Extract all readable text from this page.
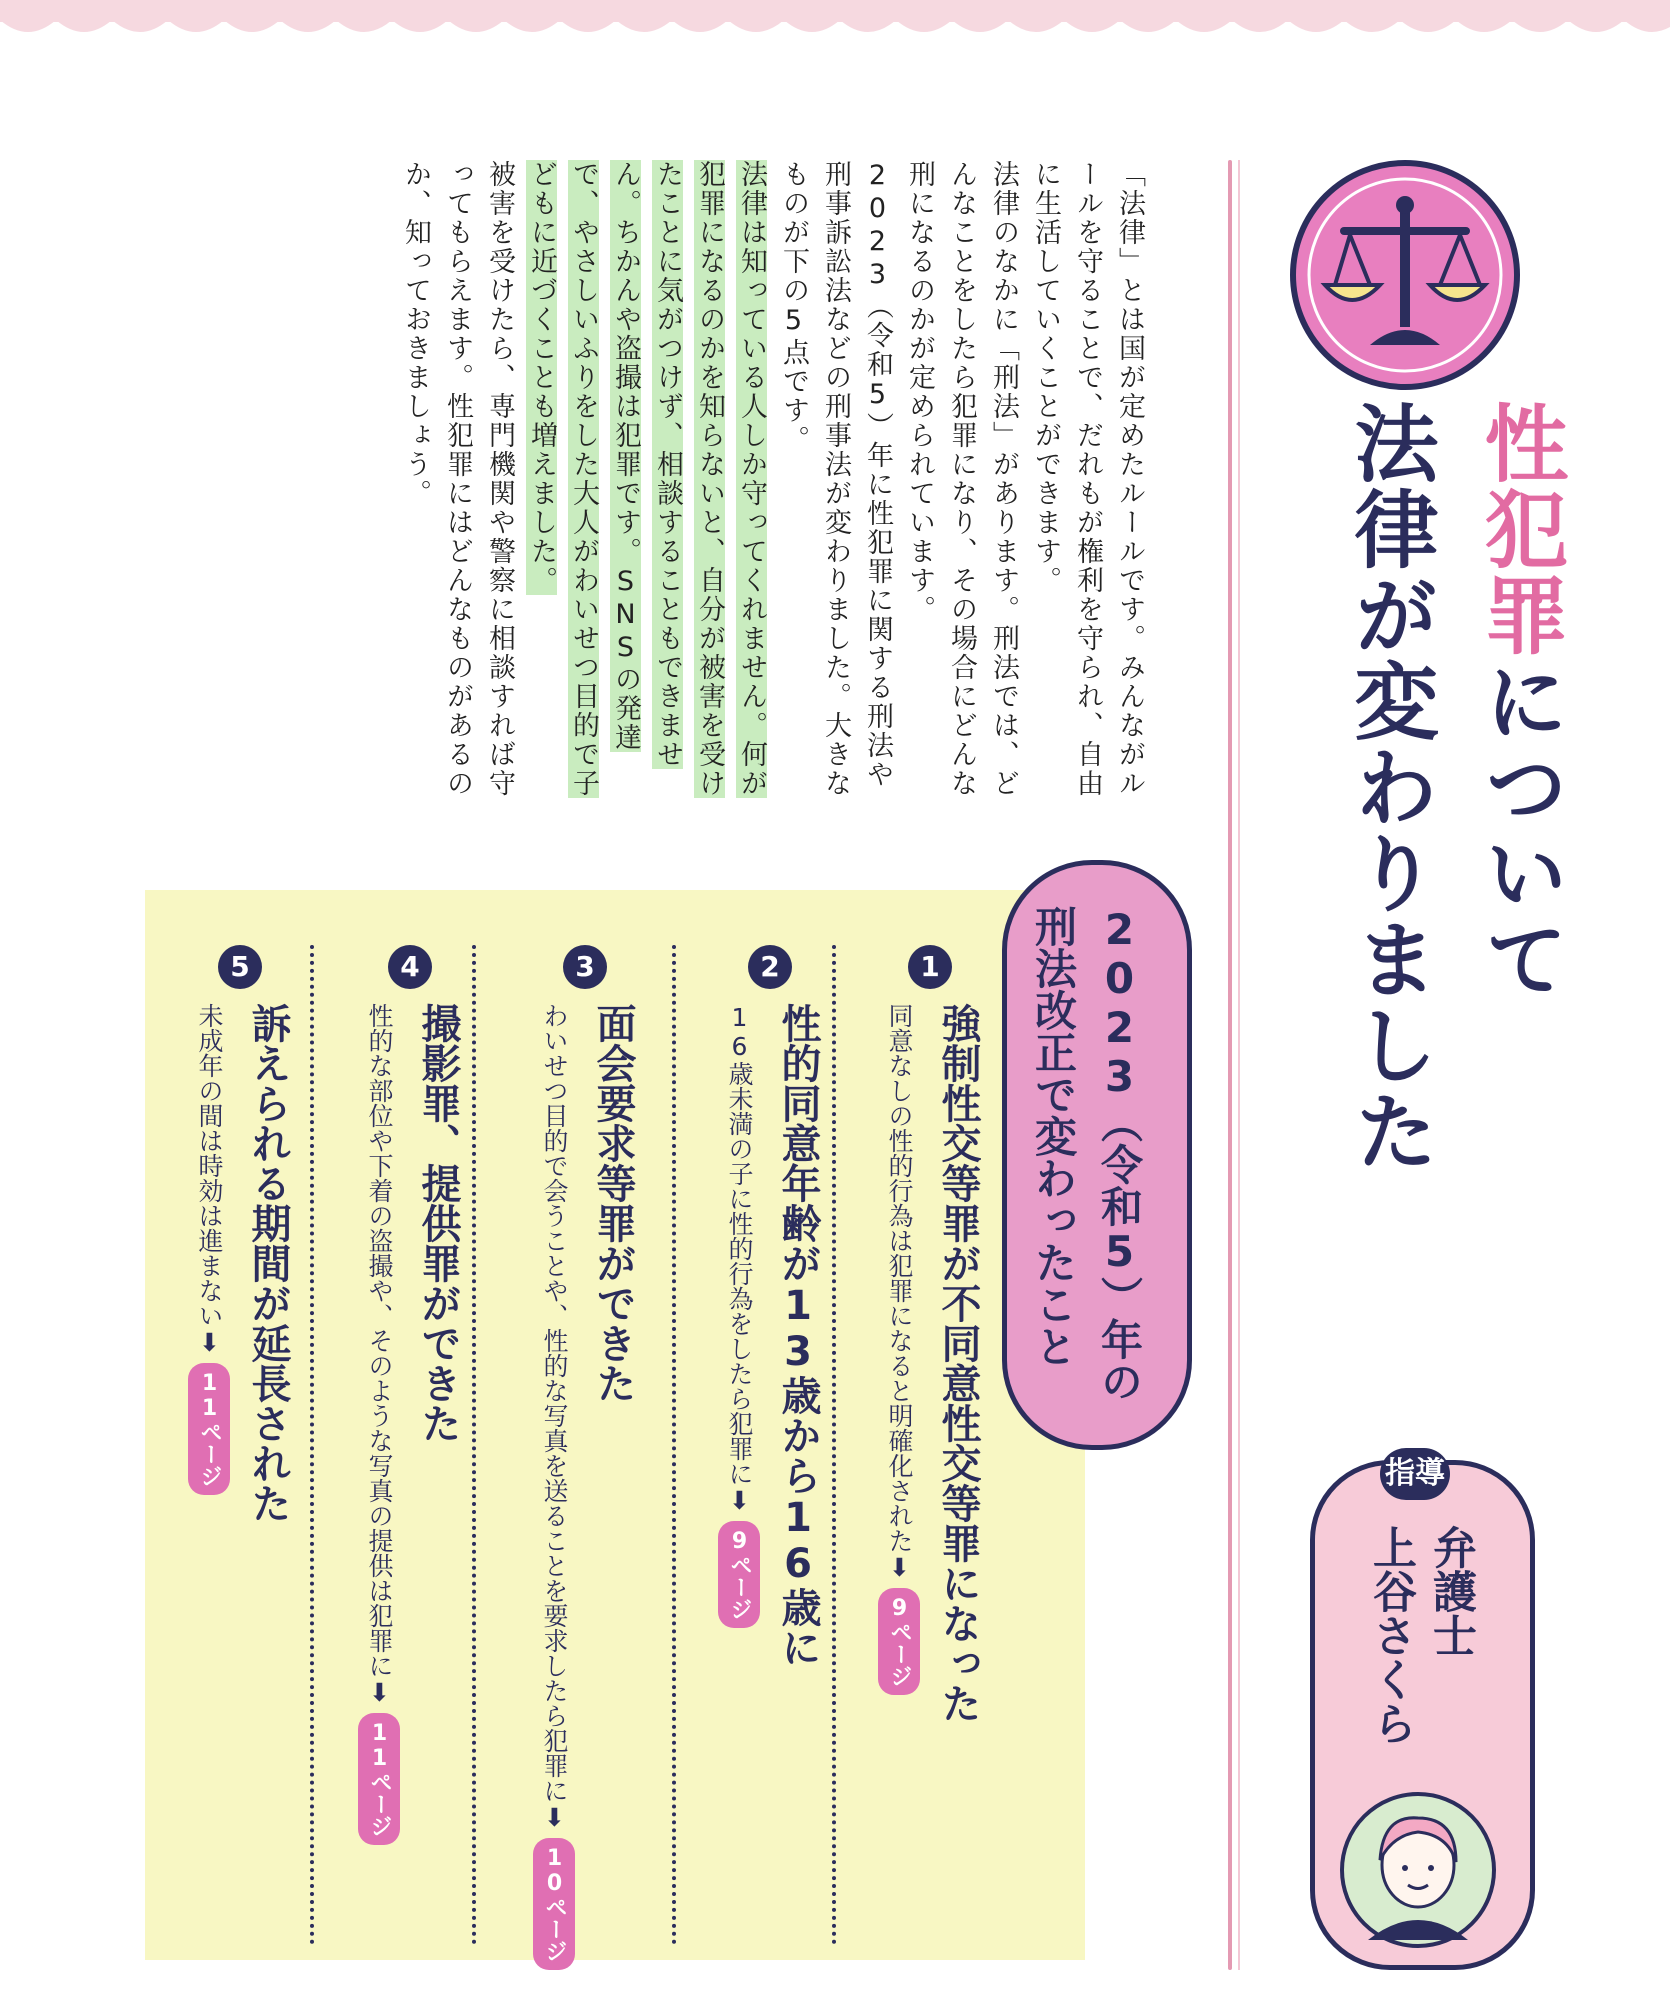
性犯罪について
法律が変わりました
指導
弁護士
上谷さくら

「法律」とは国が定めたルールです。みんながルールを守ることで、だれもが権利を守られ、自由に生活していくことができます。

法律のなかに「刑法」があります。刑法では、どんなことをしたら犯罪になり、その場合にどんな刑になるのかが定められています。

2023（令和5）年に性犯罪に関する刑法や刑事訴訟法などの刑事法が変わりました。大きなものが下の5点です。

法律は知っている人しか守ってくれません。何が犯罪になるのかを知らないと、自分が被害を受けたことに気がつけず、相談することもできません。ちかんや盗撮は犯罪です。SNSの発達で、やさしいふりをした大人がわいせつ目的で子どもに近づくことも増えました。

被害を受けたら、専門機関や警察に相談すれば守ってもらえます。性犯罪にはどんなものがあるのか、知っておきましょう。

2023（令和5）年の
刑法改正で変わったこと
1
強制性交等罪が不同意性交等罪になった
同意なしの性的行為は犯罪になると明確化された⬇9ページ
2
性的同意年齢が13歳から16歳に
16歳未満の子に性的行為をしたら犯罪に⬇9ページ
3
面会要求等罪ができた
わいせつ目的で会うことや、性的な写真を送ることを要求したら犯罪に⬇10ページ
4
撮影罪、提供罪ができた
性的な部位や下着の盗撮や、そのような写真の提供は犯罪に⬇11ページ
5
訴えられる期間が延長された
未成年の間は時効は進まない⬇11ページ
